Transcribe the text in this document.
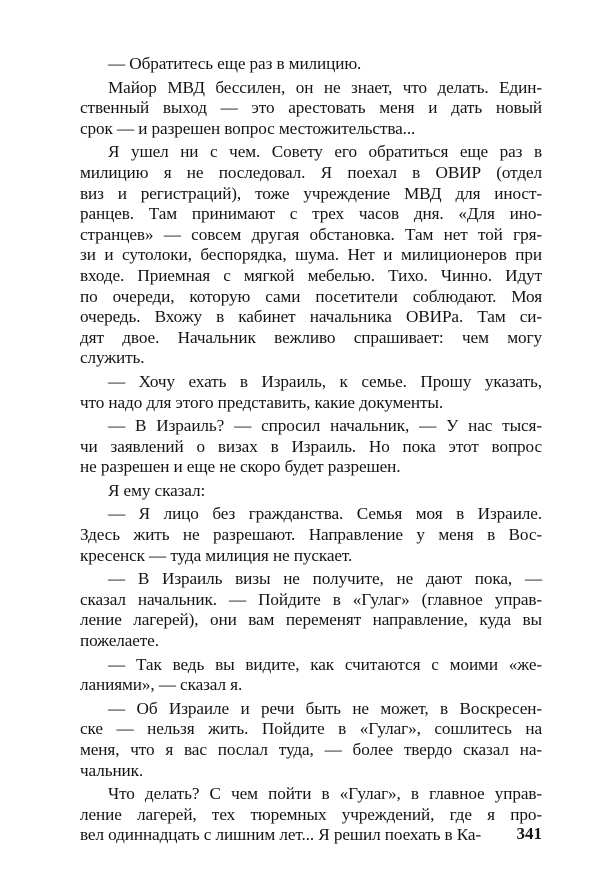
— Обратитесь еще раз в милицию.
Майор МВД бессилен, он не знает, что делать. Един-
ственный выход — это арестовать меня и дать новый
срок — и разрешен вопрос местожительства...
Я ушел ни с чем. Совету его обратиться еще раз в
милицию я не последовал. Я поехал в ОВИР (отдел
виз и регистраций), тоже учреждение МВД для иност-
ранцев. Там принимают с трех часов дня. «Для ино-
странцев» — совсем другая обстановка. Там нет той гря-
зи и сутолоки, беспорядка, шума. Нет и милиционеров при
входе. Приемная с мягкой мебелью. Тихо. Чинно. Идут
по очереди, которую сами посетители соблюдают. Моя
очередь. Вхожу в кабинет начальника ОВИРа. Там си-
дят двое. Начальник вежливо спрашивает: чем могу
служить.
— Хочу ехать в Израиль, к семье. Прошу указать,
что надо для этого представить, какие документы.
— В Израиль? — спросил начальник, — У нас тыся-
чи заявлений о визах в Израиль. Но пока этот вопрос
не разрешен и еще не скоро будет разрешен.
Я ему сказал:
— Я лицо без гражданства. Семья моя в Израиле.
Здесь жить не разрешают. Направление у меня в Вос-
кресенск — туда милиция не пускает.
— В Израиль визы не получите, не дают пока, —
сказал начальник. — Пойдите в «Гулаг» (главное управ-
ление лагерей), они вам переменят направление, куда вы
пожелаете.
— Так ведь вы видите, как считаются с моими «же-
ланиями», — сказал я.
— Об Израиле и речи быть не может, в Воскресен-
ске — нельзя жить. Пойдите в «Гулаг», сошлитесь на
меня, что я вас послал туда, — более твердо сказал на-
чальник.
Что делать? С чем пойти в «Гулаг», в главное управ-
ление лагерей, тех тюремных учреждений, где я про-
вел одиннадцать с лишним лет... Я решил поехать в Ка-	341
